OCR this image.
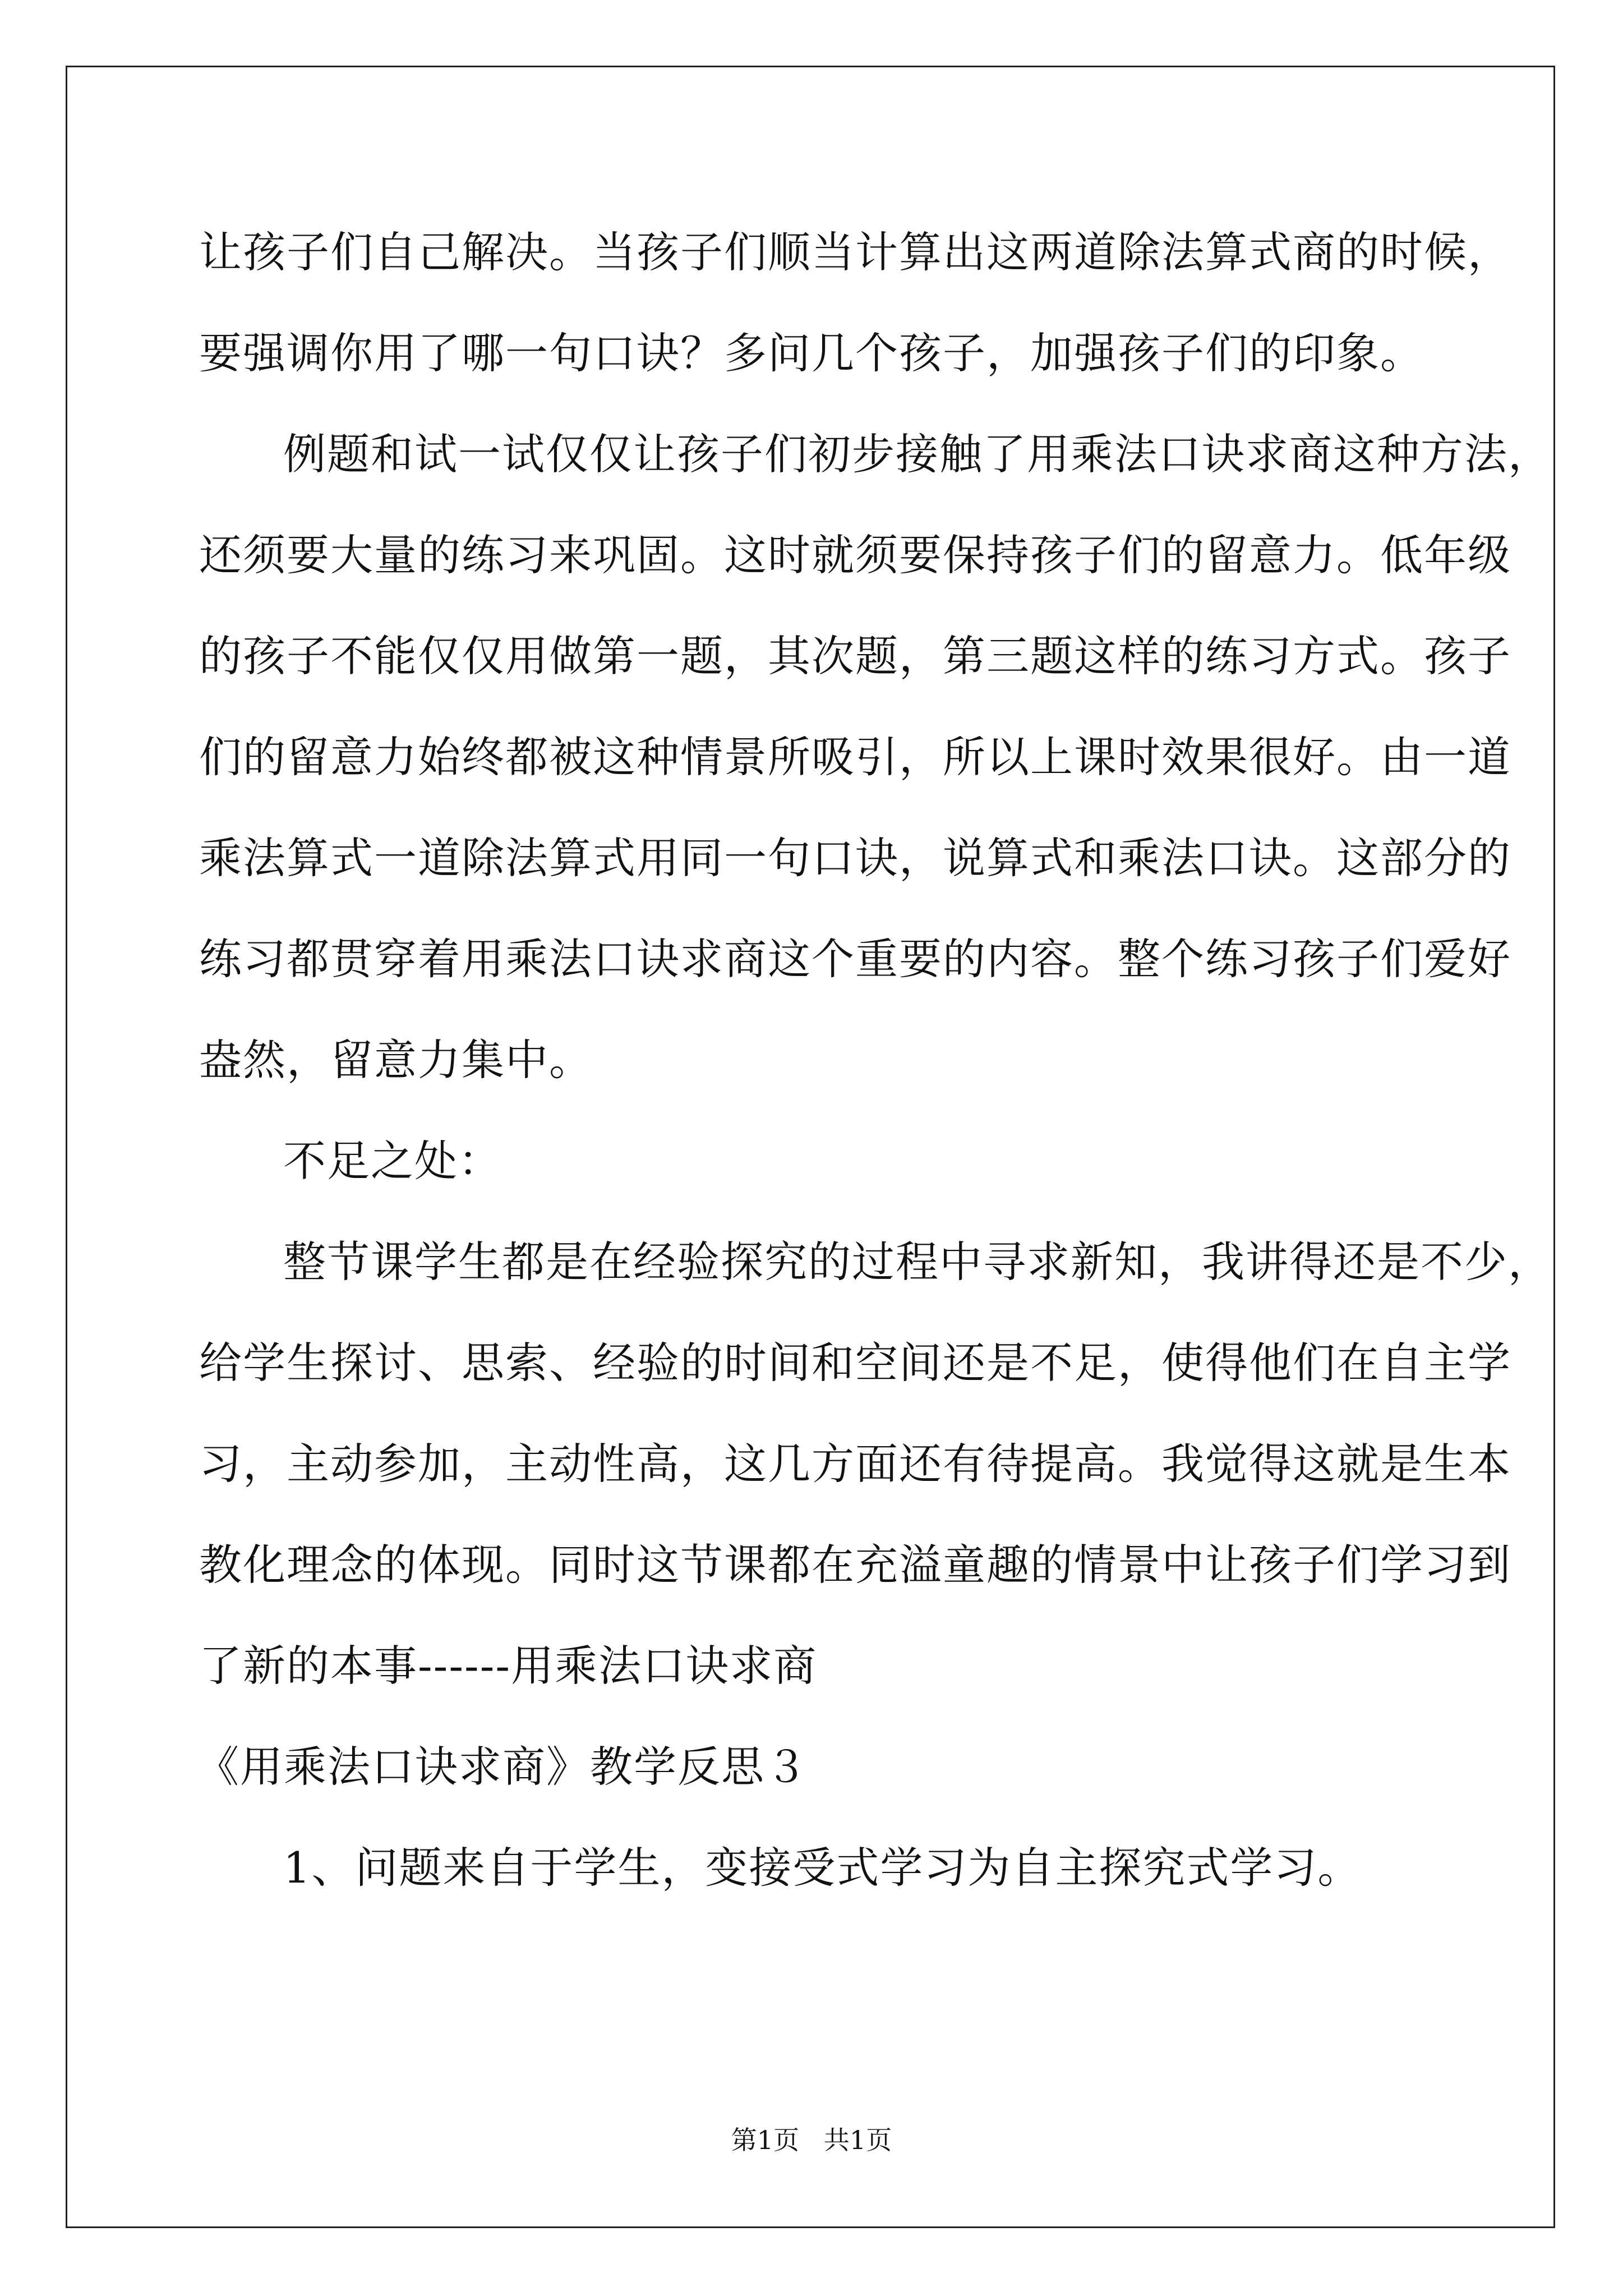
让孩子们自己解决。当孩子们顺当计算出这两道除法算式商的时候，
要强调你用了哪一句口诀？多问几个孩子，加强孩子们的印象。
例题和试一试仅仅让孩子们初步接触了用乘法口诀求商这种方法，
还须要大量的练习来巩固。这时就须要保持孩子们的留意力。低年级
的孩子不能仅仅用做第一题，其次题，第三题这样的练习方式。孩子
们的留意力始终都被这种情景所吸引，所以上课时效果很好。由一道
乘法算式一道除法算式用同一句口诀，说算式和乘法口诀。这部分的
练习都贯穿着用乘法口诀求商这个重要的内容。整个练习孩子们爱好
盎然，留意力集中。
不足之处：
整节课学生都是在经验探究的过程中寻求新知，我讲得还是不少，
给学生探讨、思索、经验的时间和空间还是不足，使得他们在自主学
习，主动参加，主动性高，这几方面还有待提高。我觉得这就是生本
教化理念的体现。同时这节课都在充溢童趣的情景中让孩子们学习到
了新的本事------用乘法口诀求商
《用乘法口诀求商》教学反思３
1、问题来自于学生，变接受式学习为自主探究式学习。
第1页   共1页
